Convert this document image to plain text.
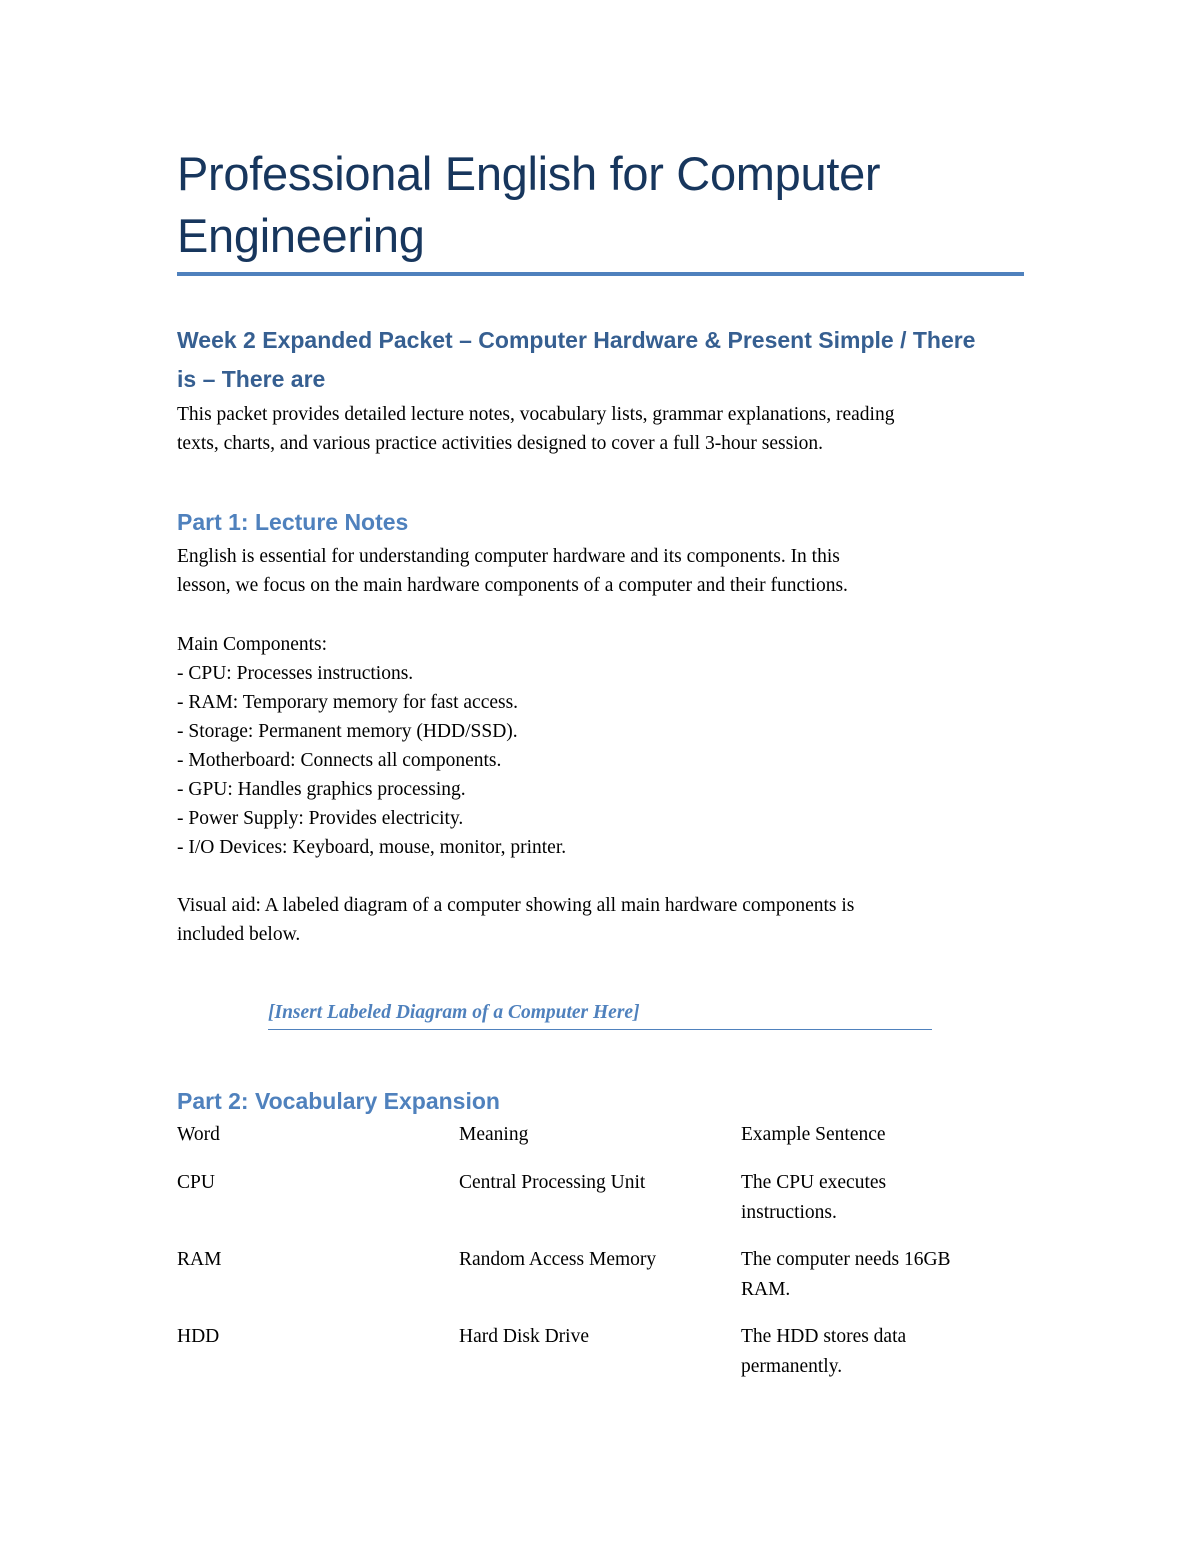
Professional English for Computer
Engineering
Week 2 Expanded Packet – Computer Hardware & Present Simple / There
is – There are
This packet provides detailed lecture notes, vocabulary lists, grammar explanations, reading
texts, charts, and various practice activities designed to cover a full 3-hour session.
Part 1: Lecture Notes
English is essential for understanding computer hardware and its components. In this
lesson, we focus on the main hardware components of a computer and their functions.
Main Components:
- CPU: Processes instructions.
- RAM: Temporary memory for fast access.
- Storage: Permanent memory (HDD/SSD).
- Motherboard: Connects all components.
- GPU: Handles graphics processing.
- Power Supply: Provides electricity.
- I/O Devices: Keyboard, mouse, monitor, printer.
Visual aid: A labeled diagram of a computer showing all main hardware components is
included below.
[Insert Labeled Diagram of a Computer Here]
Part 2: Vocabulary Expansion
Word	Meaning	Example Sentence
CPU	Central Processing Unit	The CPU executes
instructions.
RAM	Random Access Memory	The computer needs 16GB
RAM.
HDD	Hard Disk Drive	The HDD stores data
permanently.
